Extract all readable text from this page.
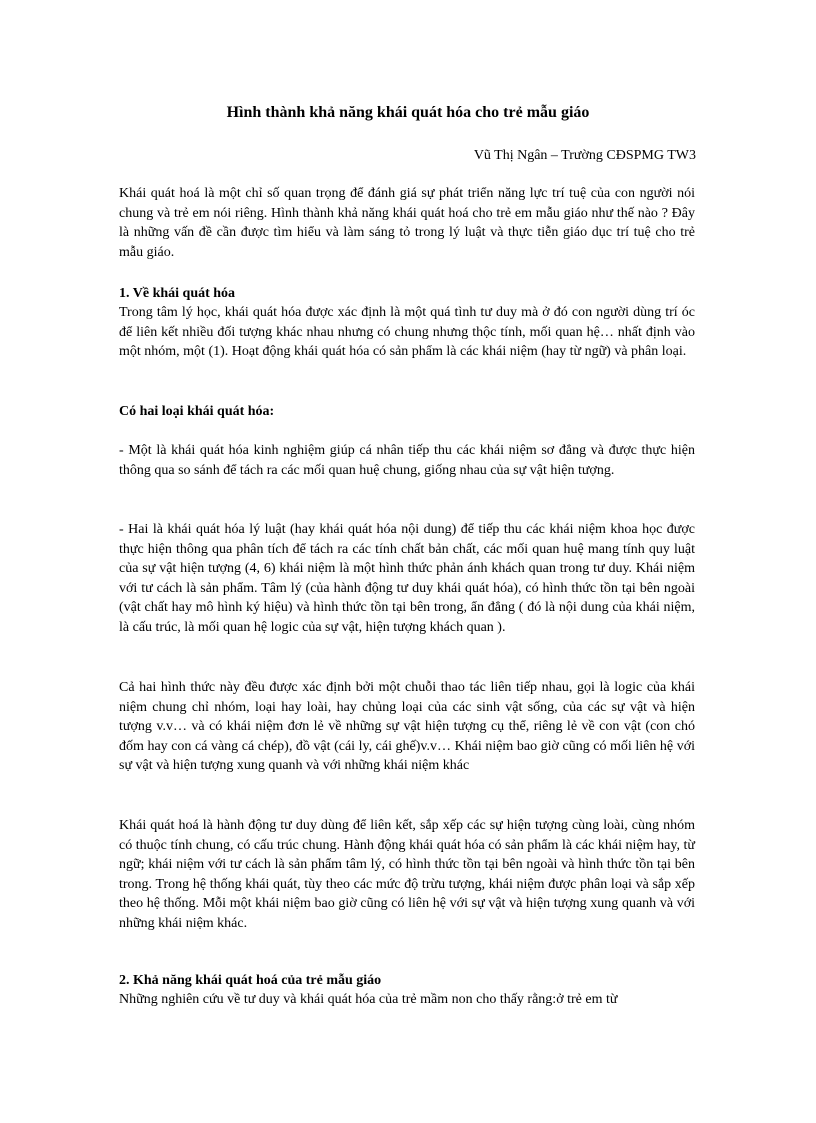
Hình thành khả năng khái quát hóa cho trẻ mẫu giáo
Vũ Thị Ngân – Trường CĐSPMG TW3
Khái quát hoá là một chỉ số quan trọng để đánh giá sự phát triển năng lực trí tuệ của con người nói chung và trẻ em nói riêng. Hình thành khả năng khái quát hoá cho trẻ em mẫu giáo như thế nào ? Đây là những vấn đề cần được tìm hiểu và làm sáng tỏ trong lý luật và thực tiễn giáo dục trí tuệ cho trẻ mẫu giáo.
1. Về khái quát hóa
Trong tâm lý học, khái quát hóa được xác định là một quá tình tư duy mà ở đó con người dùng trí óc để liên kết nhiều đối tượng khác nhau nhưng có chung nhưng thộc tính, mối quan hệ… nhất định vào một nhóm, một (1). Hoạt động khái quát hóa có sản phẩm là các khái niệm (hay từ ngữ) và phân loại.
Có hai loại khái quát hóa:
- Một là khái quát hóa kinh nghiệm giúp cá nhân tiếp thu các khái niệm sơ đẳng và được thực hiện thông qua so sánh để tách ra các mối quan huệ chung, giống nhau của sự vật hiện tượng.
- Hai là khái quát hóa lý luật (hay khái quát hóa nội dung) để tiếp thu các khái niệm khoa học được thực hiện thông qua phân tích để tách ra các tính chất bản chất, các mối quan huệ mang tính quy luật của sự vật hiện tượng (4, 6) khái niệm là một hình thức phản ánh khách quan trong tư duy. Khái niệm với tư cách là sản phẩm. Tâm lý (của hành động tư duy khái quát hóa), có hình thức tồn tại bên ngoài (vật chất hay mô hình ký hiệu) và hình thức tồn tại bên trong, ẩn đẳng ( đó là nội dung của khái niệm, là cấu trúc, là mối quan hệ logic của sự vật, hiện tượng khách quan ).
Cả hai hình thức này đều được xác định bởi một chuỗi thao tác liên tiếp nhau, gọi là logic của khái niệm chung chỉ nhóm, loại hay loài, hay chủng loại của các sinh vật sống, của các sự vật và hiện tượng v.v… và có khái niệm đơn lẻ về những sự vật hiện tượng cụ thể, riêng lẻ về con vật (con chó đốm hay con cá vàng cá chép), đồ vật (cái ly, cái ghế)v.v… Khái niệm bao giờ cũng có mối liên hệ với sự vật và hiện tượng xung quanh và với những khái niệm khác
Khái quát hoá là hành động tư duy dùng để liên kết, sắp xếp các sự hiện tượng cùng loài, cùng nhóm có thuộc tính chung, có cấu trúc chung. Hành động khái quát hóa có sản phẩm là các khái niệm hay, từ ngữ; khái niệm với tư cách là sản phẩm tâm lý, có hình thức tồn tại bên ngoài và hình thức tồn tại bên trong. Trong hệ thống khái quát, tùy theo các mức độ trừu tượng, khái niệm được phân loại và sắp xếp theo hệ thống. Mỗi một khái niệm bao giờ cũng có liên hệ với sự vật và hiện tượng xung quanh và với những khái niệm khác.
2. Khả năng khái quát hoá của trẻ mẫu giáo
Những nghiên cứu về tư duy và khái quát hóa của trẻ mầm non cho thấy rằng:ở trẻ em từ
